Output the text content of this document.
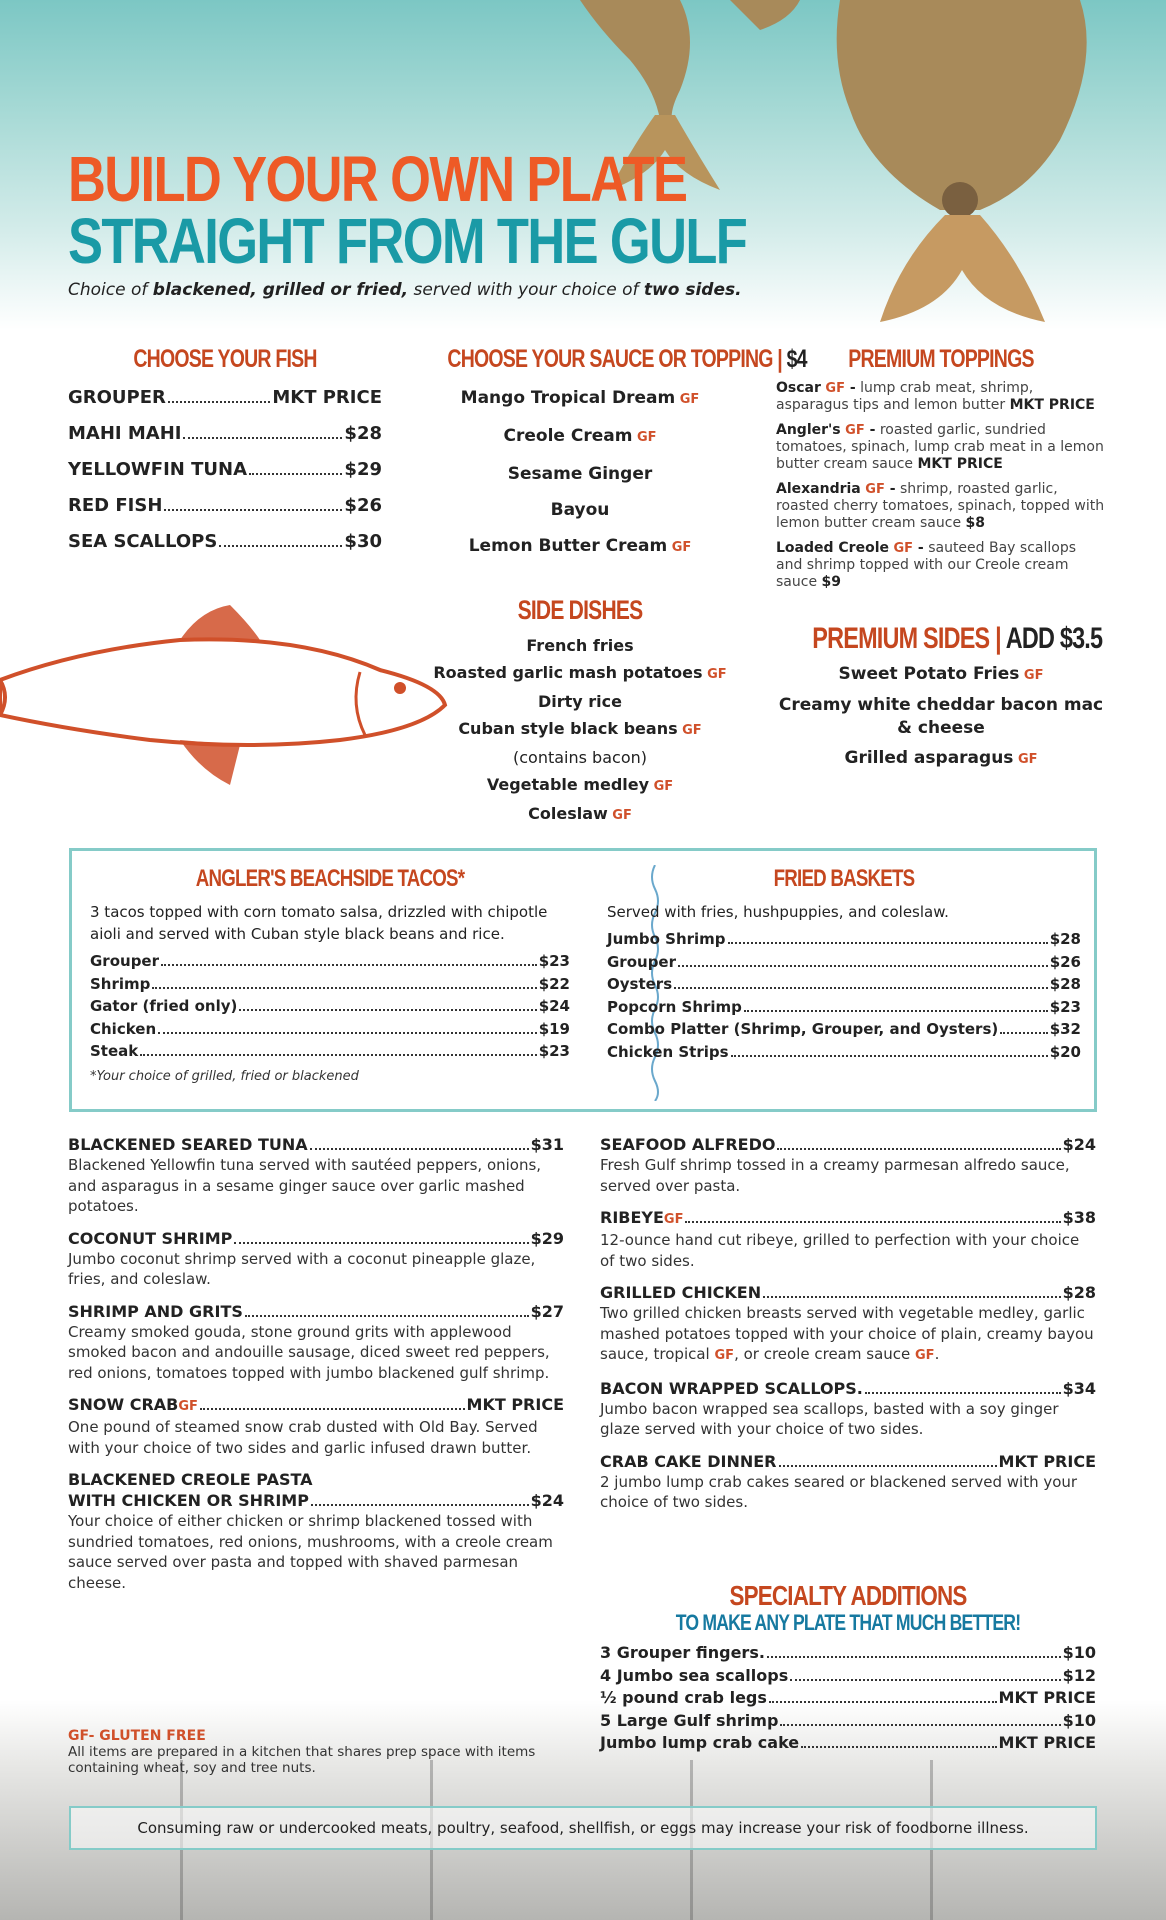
BUILD YOUR OWN PLATE
STRAIGHT FROM THE GULF
Choice of blackened, grilled or fried, served with your choice of two sides.
CHOOSE YOUR FISH
GROUPER	MKT PRICE
MAHI MAHI	$28
YELLOWFIN TUNA	$29
RED FISH	$26
SEA SCALLOPS	$30
CHOOSE YOUR SAUCE OR TOPPING | $4
Mango Tropical Dream GF
Creole Cream GF
Sesame Ginger
Bayou
Lemon Butter Cream GF
SIDE DISHES
French fries
Roasted garlic mash potatoes GF
Dirty rice
Cuban style black beans GF
(contains bacon)
Vegetable medley GF
Coleslaw GF
PREMIUM TOPPINGS
Oscar GF - lump crab meat, shrimp, asparagus tips and lemon butter MKT PRICE
Angler's GF - roasted garlic, sundried tomatoes, spinach, lump crab meat in a lemon butter cream sauce MKT PRICE
Alexandria GF - shrimp, roasted garlic, roasted cherry tomatoes, spinach, topped with lemon butter cream sauce $8
Loaded Creole GF - sauteed Bay scallops and shrimp topped with our Creole cream sauce $9
PREMIUM SIDES | ADD $3.5
Sweet Potato Fries GF
Creamy white cheddar bacon mac & cheese
Grilled asparagus GF
ANGLER'S BEACHSIDE TACOS*
3 tacos topped with corn tomato salsa, drizzled with chipotle aioli and served with Cuban style black beans and rice.
Grouper	$23
Shrimp	$22
Gator (fried only)	$24
Chicken	$19
Steak	$23
*Your choice of grilled, fried or blackened
FRIED BASKETS
Served with fries, hushpuppies, and coleslaw.
Jumbo Shrimp	$28
Grouper	$26
Oysters	$28
Popcorn Shrimp	$23
Combo Platter (Shrimp, Grouper, and Oysters)	$32
Chicken Strips	$20
BLACKENED SEARED TUNA	$31
Blackened Yellowfin tuna served with sautéed peppers, onions, and asparagus in a sesame ginger sauce over garlic mashed potatoes.
COCONUT SHRIMP	$29
Jumbo coconut shrimp served with a coconut pineapple glaze, fries, and coleslaw.
SHRIMP AND GRITS	$27
Creamy smoked gouda, stone ground grits with applewood smoked bacon and andouille sausage, diced sweet red peppers, red onions, tomatoes topped with jumbo blackened gulf shrimp.
SNOW CRAB GF	MKT PRICE
One pound of steamed snow crab dusted with Old Bay. Served with your choice of two sides and garlic infused drawn butter.
BLACKENED CREOLE PASTA
WITH CHICKEN OR SHRIMP	$24
Your choice of either chicken or shrimp blackened tossed with sundried tomatoes, red onions, mushrooms, with a creole cream sauce served over pasta and topped with shaved parmesan cheese.
SEAFOOD ALFREDO	$24
Fresh Gulf shrimp tossed in a creamy parmesan alfredo sauce, served over pasta.
RIBEYE GF	$38
12-ounce hand cut ribeye, grilled to perfection with your choice of two sides.
GRILLED CHICKEN	$28
Two grilled chicken breasts served with vegetable medley, garlic mashed potatoes topped with your choice of plain, creamy bayou sauce, tropical GF, or creole cream sauce GF.
BACON WRAPPED SCALLOPS.	$34
Jumbo bacon wrapped sea scallops, basted with a soy ginger glaze served with your choice of two sides.
CRAB CAKE DINNER	MKT PRICE
2 jumbo lump crab cakes seared or blackened served with your choice of two sides.
SPECIALTY ADDITIONS
TO MAKE ANY PLATE THAT MUCH BETTER!
3 Grouper fingers.	$10
4 Jumbo sea scallops	$12
½ pound crab legs	MKT PRICE
5 Large Gulf shrimp	$10
Jumbo lump crab cake	MKT PRICE
GF- GLUTEN FREE
All items are prepared in a kitchen that shares prep space with items containing wheat, soy and tree nuts.
Consuming raw or undercooked meats, poultry, seafood, shellfish, or eggs may increase your risk of foodborne illness.
